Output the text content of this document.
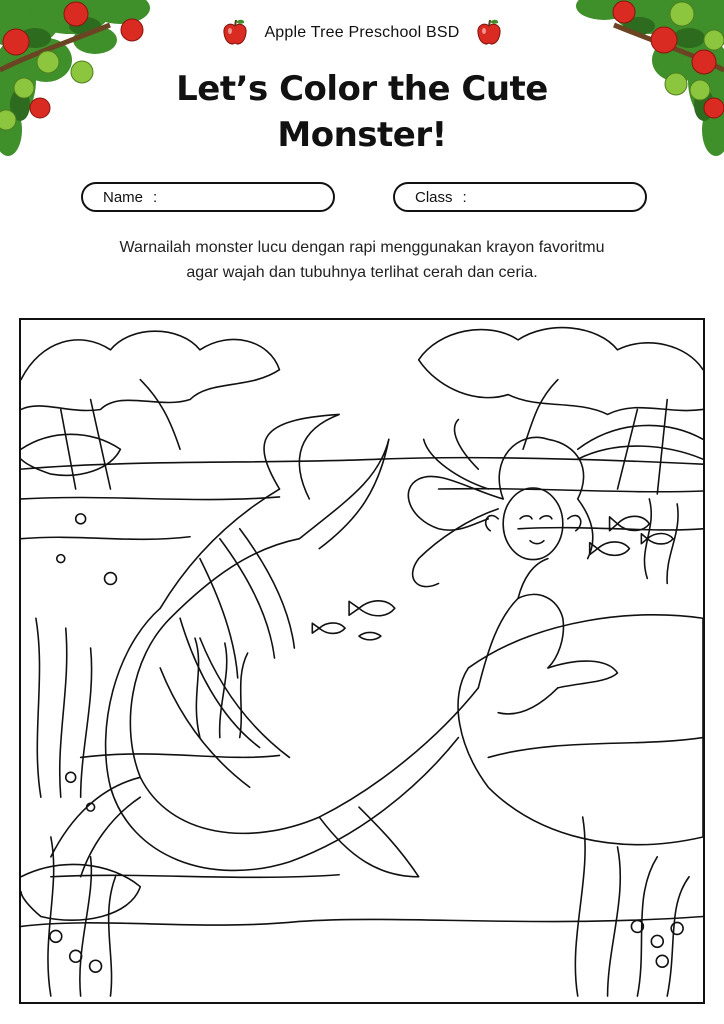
Apple Tree Preschool BSD
Let’s Color the Cute
Monster!
Name :	Class :
Warnailah monster lucu dengan rapi menggunakan krayon favoritmu
agar wajah dan tubuhnya terlihat cerah dan ceria.
